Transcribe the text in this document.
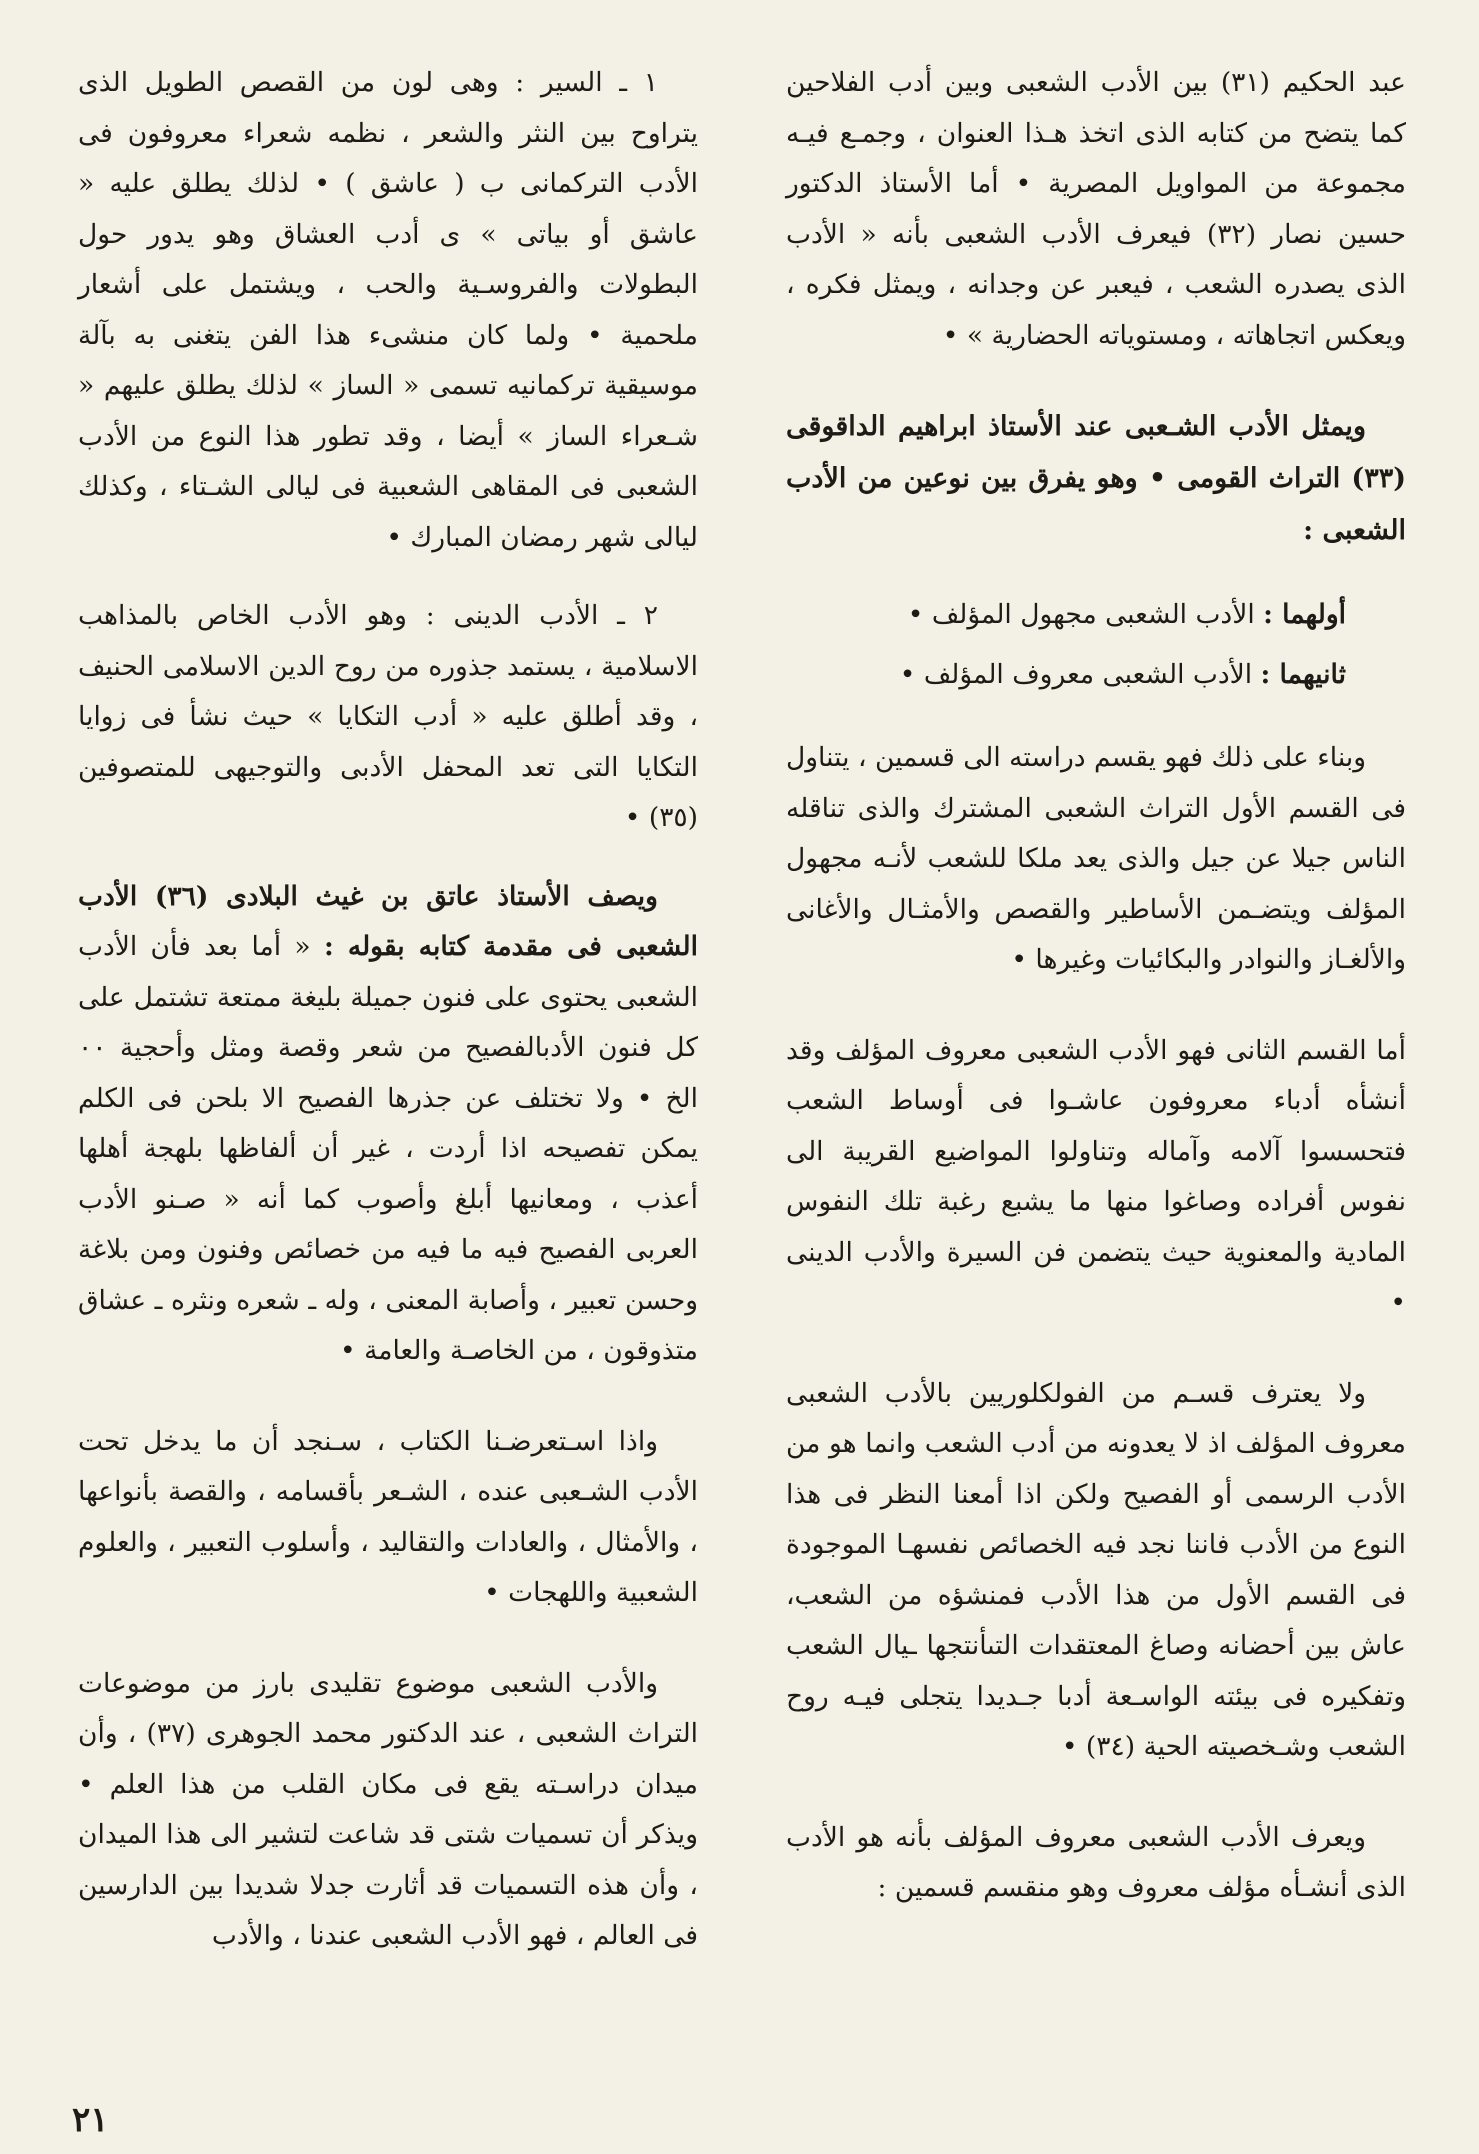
عبد الحكيم (٣١) بين الأدب الشعبى وبين أدب الفلاحين كما يتضح من كتابه الذى اتخذ هـذا العنوان ، وجمـع فيـه مجموعة من المواويل المصرية • أما الأستاذ الدكتور حسين نصار (٣٢) فيعرف الأدب الشعبى بأنه « الأدب الذى يصدره الشعب ، فيعبر عن وجدانه ، ويمثل فكره ، ويعكس اتجاهاته ، ومستوياته الحضارية » •

ويمثل الأدب الشـعبى عند الأستاذ ابراهيم الداقوقى (٣٣) التراث القومى • وهو يفرق بين نوعين من الأدب الشعبى :

أولهما : الأدب الشعبى مجهول المؤلف •

ثانيهما : الأدب الشعبى معروف المؤلف •

وبناء على ذلك فهو يقسم دراسته الى قسمين ، يتناول فى القسم الأول التراث الشعبى المشترك والذى تناقله الناس جيلا عن جيل والذى يعد ملكا للشعب لأنـه مجهول المؤلف ويتضـمن الأساطير والقصص والأمثـال والأغانى والألغـاز والنوادر والبكائيات وغيرها •

أما القسم الثانى فهو الأدب الشعبى معروف المؤلف وقد أنشأه أدباء معروفون عاشـوا فى أوساط الشعب فتحسسوا آلامه وآماله وتناولوا المواضيع القريبة الى نفوس أفراده وصاغوا منها ما يشبع رغبة تلك النفوس المادية والمعنوية حيث يتضمن فن السيرة والأدب الدينى •

ولا يعترف قسـم من الفولكلوريين بالأدب الشعبى معروف المؤلف اذ لا يعدونه من أدب الشعب وانما هو من الأدب الرسمى أو الفصيح ولكن اذا أمعنا النظر فى هذا النوع من الأدب فاننا نجد فيه الخصائص نفسهـا الموجودة فى القسم الأول من هذا الأدب فمنشؤه من الشعب، عاش بين أحضانه وصاغ المعتقدات التىأنتجها ـيال الشعب وتفكيره فى بيئته الواسـعة أدبا جـديدا يتجلى فيـه روح الشعب وشـخصيته الحية (٣٤) •

ويعرف الأدب الشعبى معروف المؤلف بأنه هو الأدب الذى أنشـأه مؤلف معروف وهو منقسم قسمين :

١ ـ السير : وهى لون من القصص الطويل الذى يتراوح بين النثر والشعر ، نظمه شعراء معروفون فى الأدب التركمانى ب ( عاشق ) • لذلك يطلق عليه « عاشق أو بياتى » ى أدب العشاق وهو يدور حول البطولات والفروسـية والحب ، ويشتمل على أشعار ملحمية • ولما كان منشىء هذا الفن يتغنى به بآلة موسيقية تركمانيه تسمى « الساز » لذلك يطلق عليهم « شـعراء الساز » أيضا ، وقد تطور هذا النوع من الأدب الشعبى فى المقاهى الشعبية فى ليالى الشـتاء ، وكذلك ليالى شهر رمضان المبارك •

٢ ـ الأدب الدينى : وهو الأدب الخاص بالمذاهب الاسلامية ، يستمد جذوره من روح الدين الاسلامى الحنيف ، وقد أطلق عليه « أدب التكايا » حيث نشأ فى زوايا التكايا التى تعد المحفل الأدبى والتوجيهى للمتصوفين (٣٥) •

ويصف الأستاذ عاتق بن غيث البلادى (٣٦) الأدب الشعبى فى مقدمة كتابه بقوله : « أما بعد فأن الأدب الشعبى يحتوى على فنون جميلة بليغة ممتعة تشتمل على كل فنون الأدبالفصيح من شعر وقصة ومثل وأحجية ٠٠ الخ • ولا تختلف عن جذرها الفصيح الا بلحن فى الكلم يمكن تفصيحه اذا أردت ، غير أن ألفاظها بلهجة أهلها أعذب ، ومعانيها أبلغ وأصوب كما أنه « صـنو الأدب العربى الفصيح فيه ما فيه من خصائص وفنون ومن بلاغة وحسن تعبير ، وأصابة المعنى ، وله ـ شعره ونثره ـ عشاق متذوقون ، من الخاصـة والعامة •

واذا اسـتعرضـنا الكتاب ، سـنجد أن ما يدخل تحت الأدب الشـعبى عنده ، الشـعر بأقسامه ، والقصة بأنواعها ، والأمثال ، والعادات والتقاليد ، وأسلوب التعبير ، والعلوم الشعبية واللهجات •

والأدب الشعبى موضوع تقليدى بارز من موضوعات التراث الشعبى ، عند الدكتور محمد الجوهرى (٣٧) ، وأن ميدان دراسـته يقع فى مكان القلب من هذا العلم • ويذكر أن تسميات شتى قد شاعت لتشير الى هذا الميدان ، وأن هذه التسميات قد أثارت جدلا شديدا بين الدارسين فى العالم ، فهو الأدب الشعبى عندنا ، والأدب

٢١
